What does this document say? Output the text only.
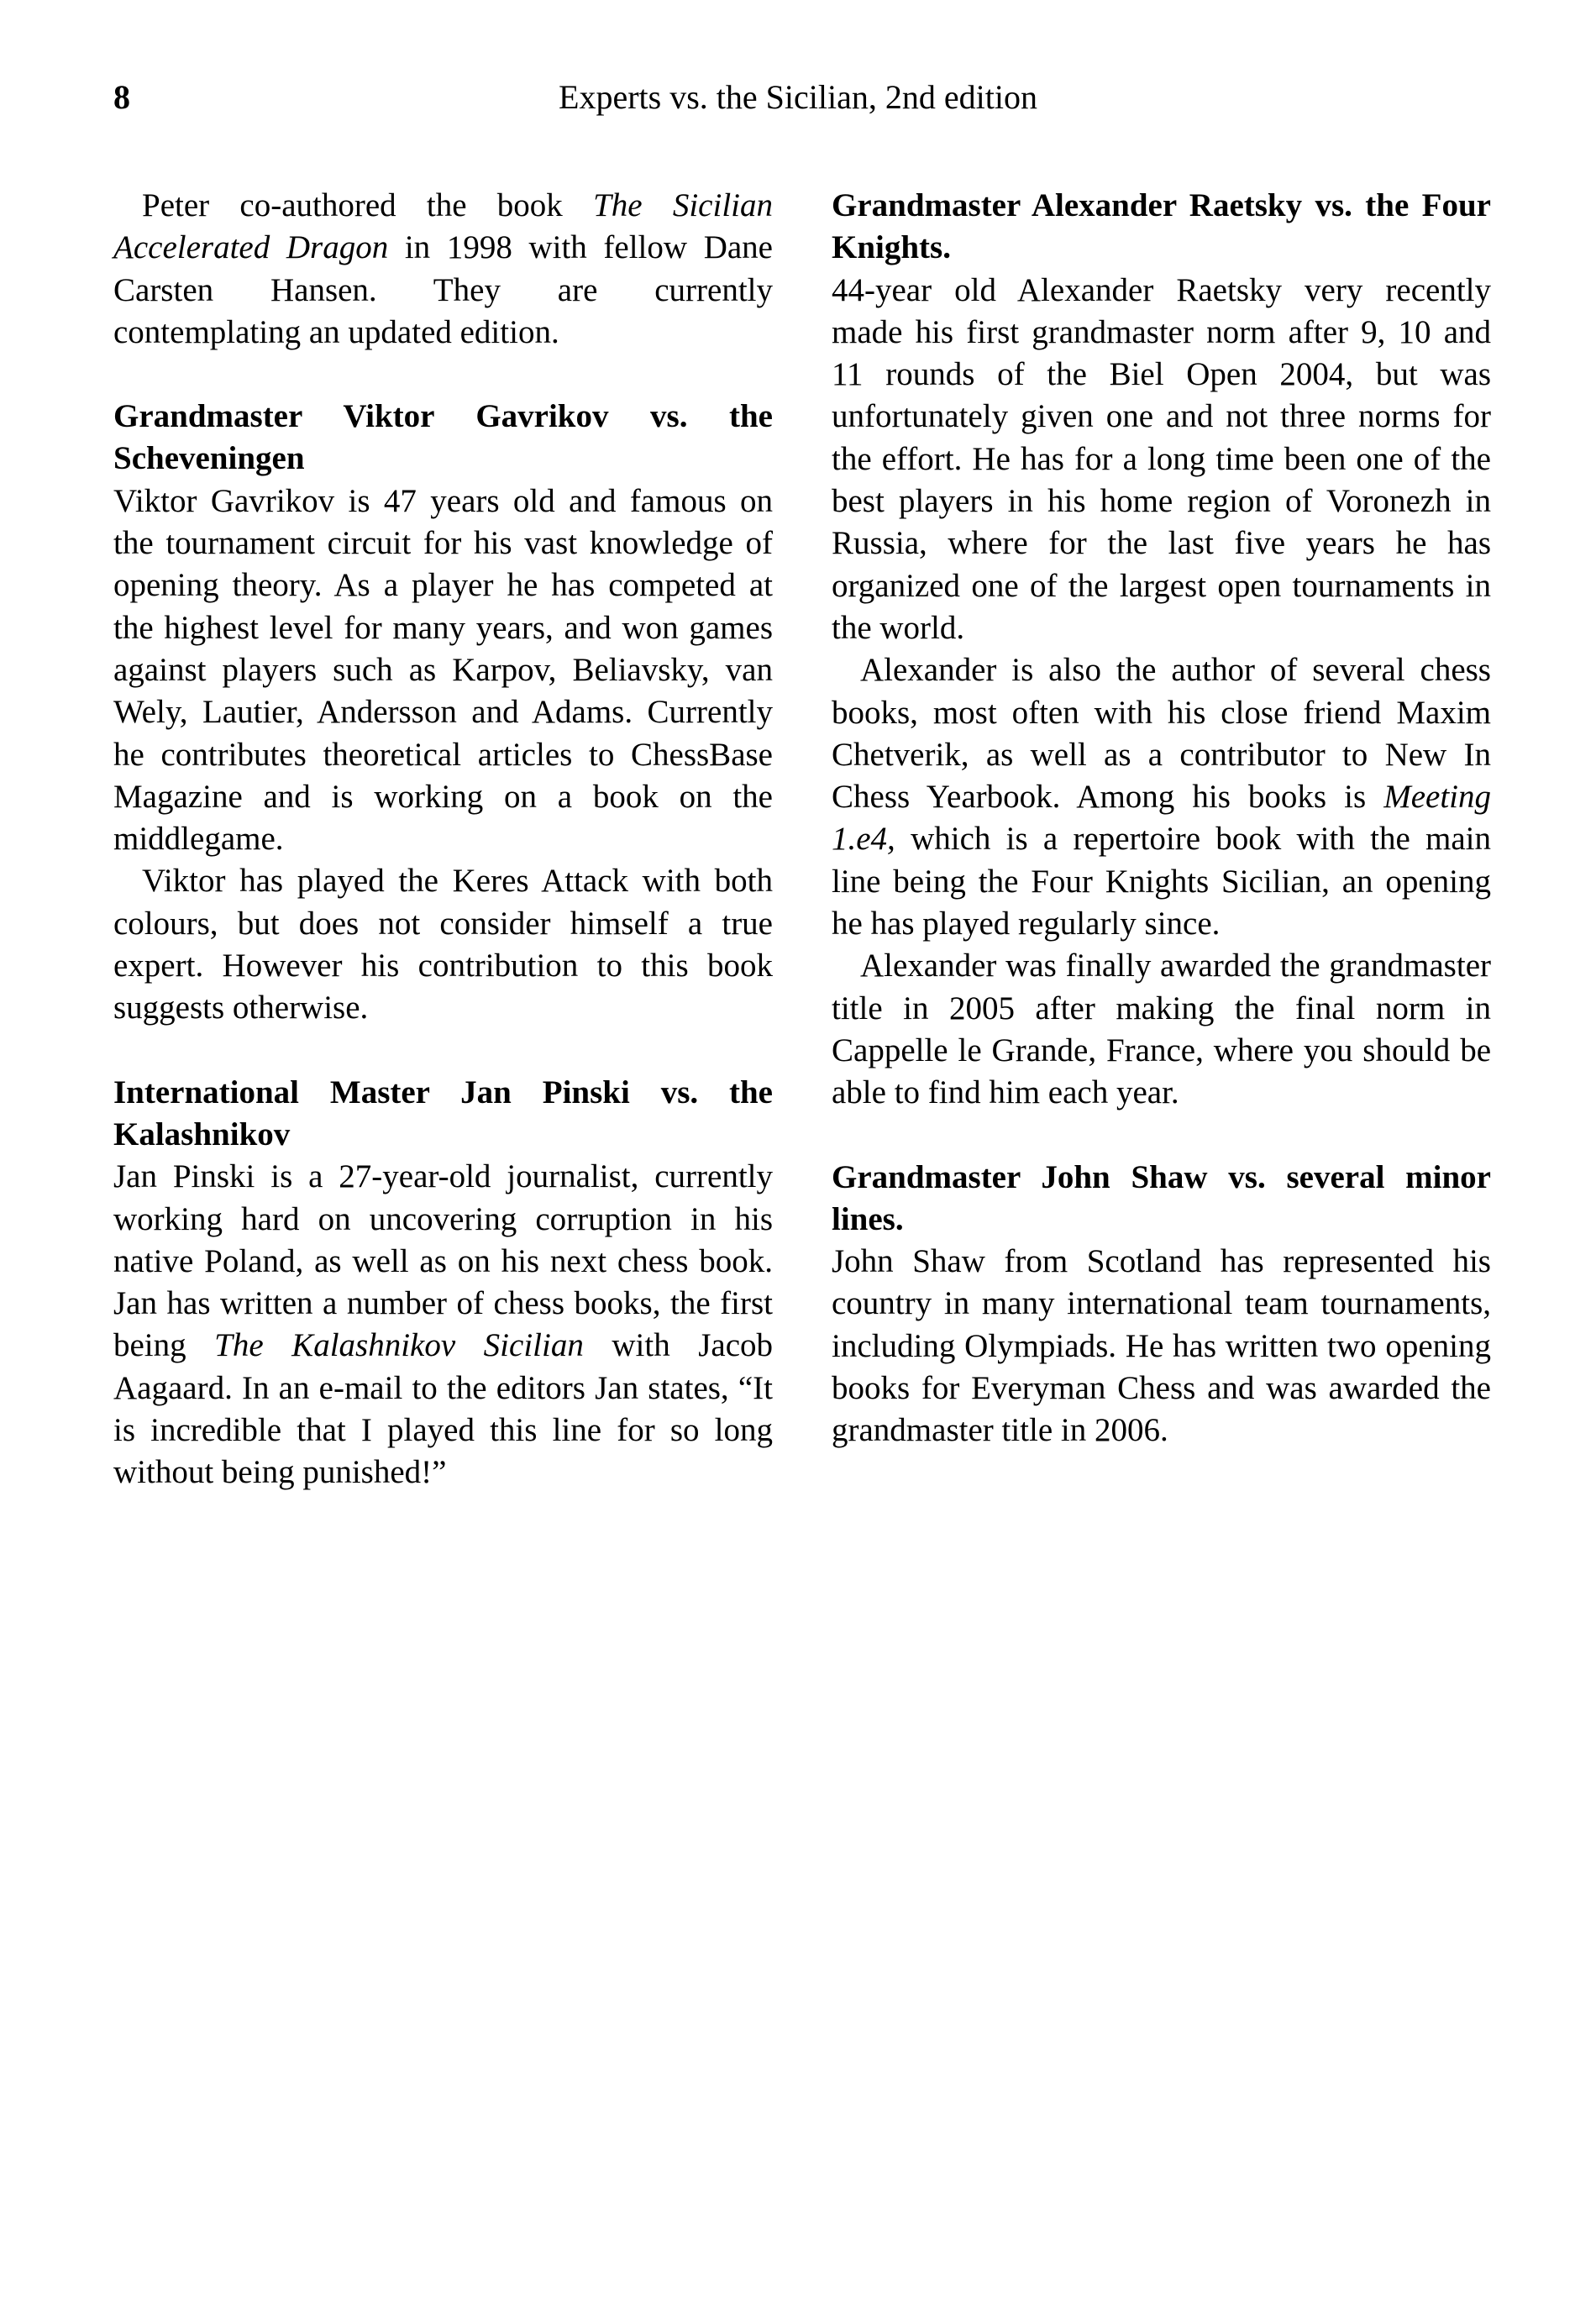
8	Experts vs. the Sicilian, 2nd edition

Peter co-authored the book The Sicilian Accelerated Dragon in 1998 with fellow Dane Carsten Hansen. They are currently contemplating an updated edition.

Grandmaster Viktor Gavrikov vs. the Scheveningen

Viktor Gavrikov is 47 years old and famous on the tournament circuit for his vast knowledge of opening theory. As a player he has competed at the highest level for many years, and won games against players such as Karpov, Beliavsky, van Wely, Lautier, Andersson and Adams. Currently he contributes theoretical articles to ChessBase Magazine and is working on a book on the middlegame.

Viktor has played the Keres Attack with both colours, but does not consider himself a true expert. However his contribution to this book suggests otherwise.

International Master Jan Pinski vs. the Kalashnikov

Jan Pinski is a 27-year-old journalist, currently working hard on uncovering corruption in his native Poland, as well as on his next chess book. Jan has written a number of chess books, the first being The Kalashnikov Sicilian with Jacob Aagaard. In an e-mail to the editors Jan states, “It is incredible that I played this line for so long without being punished!”

Grandmaster Alexander Raetsky vs. the Four Knights.

44-year old Alexander Raetsky very recently made his first grandmaster norm after 9, 10 and 11 rounds of the Biel Open 2004, but was unfortunately given one and not three norms for the effort. He has for a long time been one of the best players in his home region of Voronezh in Russia, where for the last five years he has organized one of the largest open tournaments in the world.

Alexander is also the author of several chess books, most often with his close friend Maxim Chetverik, as well as a contributor to New In Chess Yearbook. Among his books is Meeting 1.e4, which is a repertoire book with the main line being the Four Knights Sicilian, an opening he has played regularly since.

Alexander was finally awarded the grandmaster title in 2005 after making the final norm in Cappelle le Grande, France, where you should be able to find him each year.

Grandmaster John Shaw vs. several minor lines.

John Shaw from Scotland has represented his country in many international team tournaments, including Olympiads. He has written two opening books for Everyman Chess and was awarded the grandmaster title in 2006.
